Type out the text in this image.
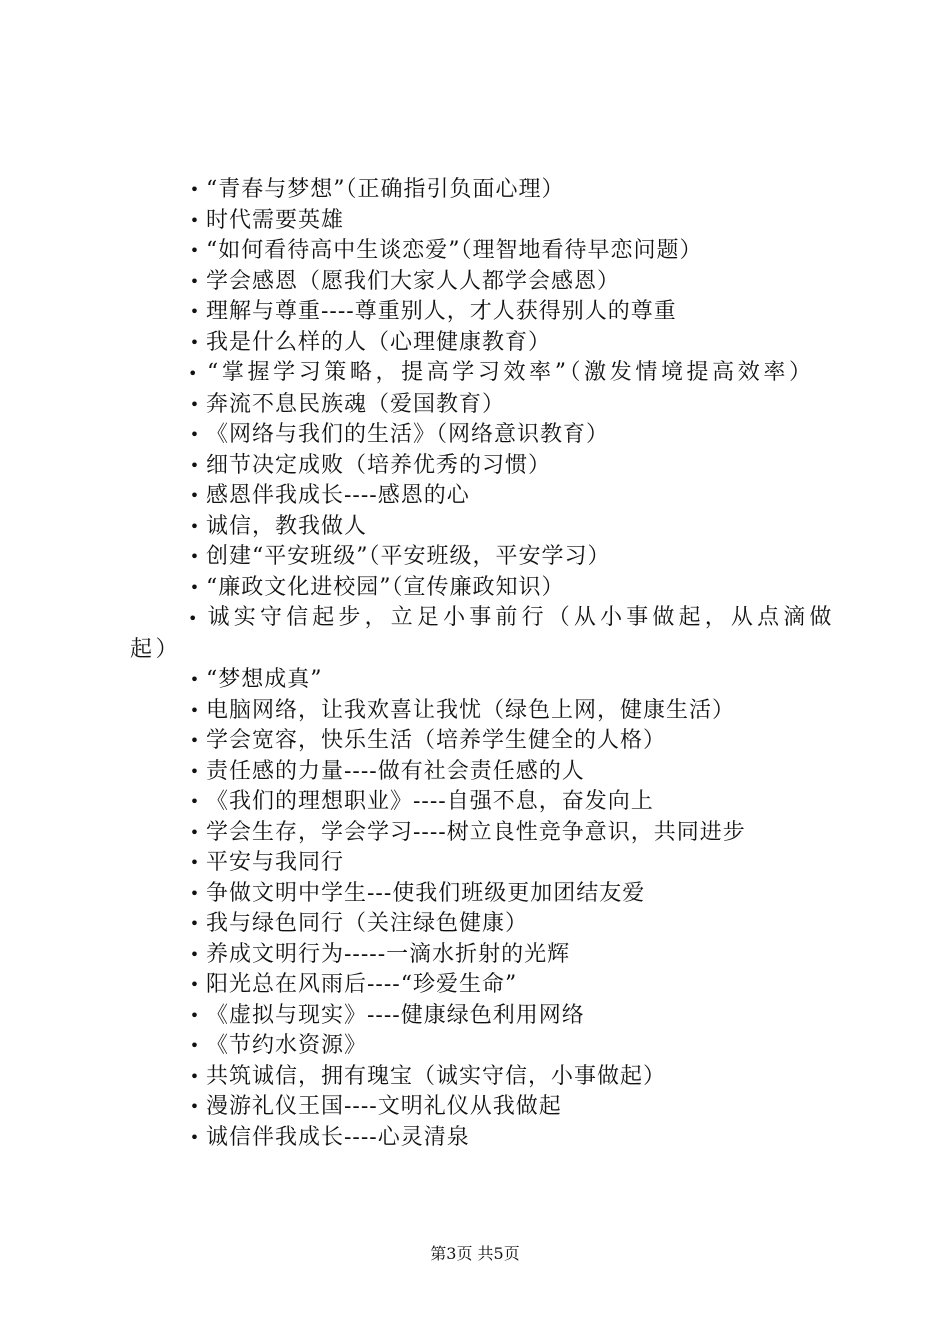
• “青春与梦想”（正确指引负面心理）
• 时代需要英雄
• “如何看待高中生谈恋爱”（理智地看待早恋问题）
• 学会感恩（愿我们大家人人都学会感恩）
• 理解与尊重----尊重别人，才人获得别人的尊重
• 我是什么样的人（心理健康教育）
• “掌握学习策略，提高学习效率”（激发情境提高效率）
• 奔流不息民族魂（爱国教育）
• 《网络与我们的生活》（网络意识教育）
• 细节决定成败（培养优秀的习惯）
• 感恩伴我成长----感恩的心
• 诚信，教我做人
• 创建“平安班级”（平安班级，平安学习）
• “廉政文化进校园”（宣传廉政知识）
• 诚实守信起步，立足小事前行（从小事做起，从点滴做起）
• “梦想成真”
• 电脑网络，让我欢喜让我忧（绿色上网，健康生活）
• 学会宽容，快乐生活（培养学生健全的人格）
• 责任感的力量----做有社会责任感的人
• 《我们的理想职业》----自强不息，奋发向上
• 学会生存，学会学习----树立良性竞争意识，共同进步
• 平安与我同行
• 争做文明中学生---使我们班级更加团结友爱
• 我与绿色同行（关注绿色健康）
• 养成文明行为-----一滴水折射的光辉
• 阳光总在风雨后----“珍爱生命”
• 《虚拟与现实》----健康绿色利用网络
• 《节约水资源》
• 共筑诚信，拥有瑰宝（诚实守信，小事做起）
• 漫游礼仪王国----文明礼仪从我做起
• 诚信伴我成长----心灵清泉
第3页 共5页
